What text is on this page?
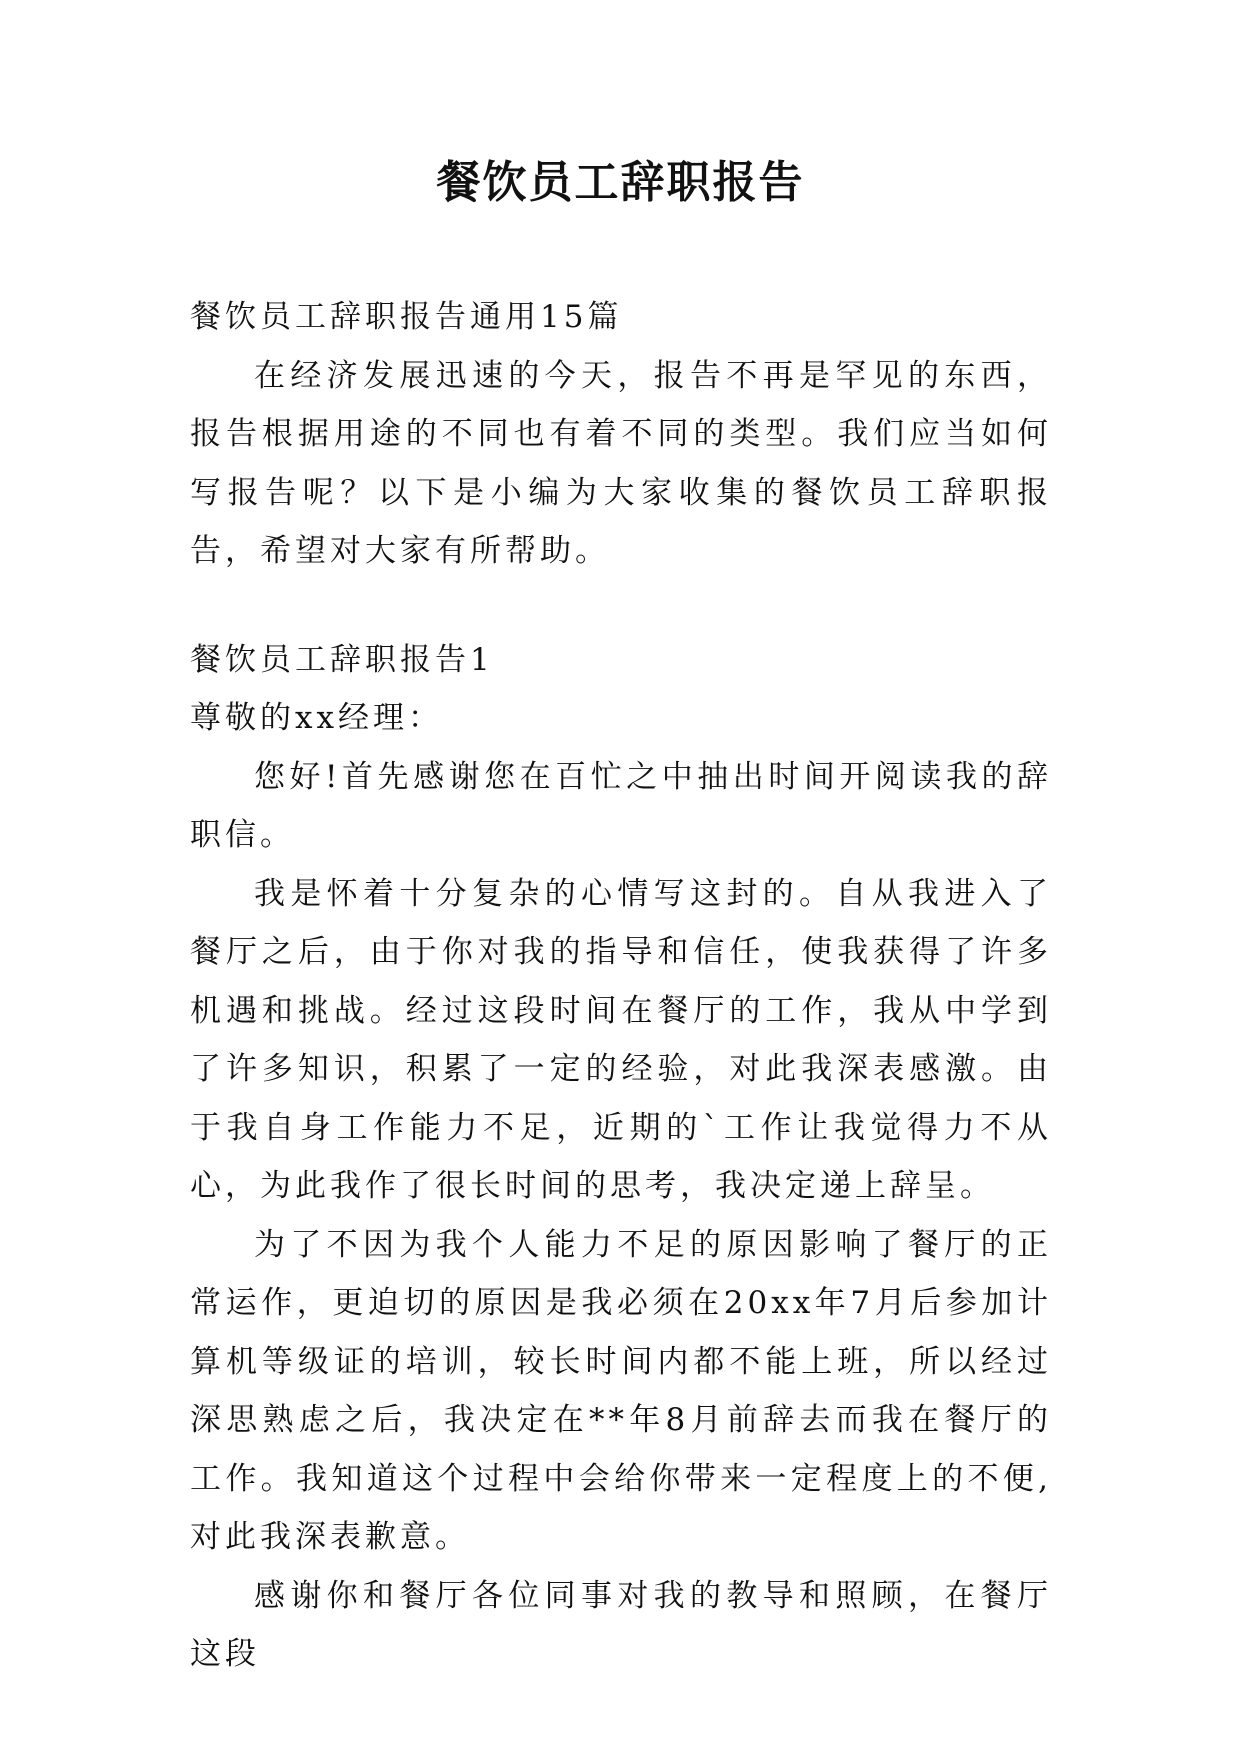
餐饮员工辞职报告

餐饮员工辞职报告通用15篇

在经济发展迅速的今天，报告不再是罕见的东西，报告根据用途的不同也有着不同的类型。我们应当如何写报告呢？以下是小编为大家收集的餐饮员工辞职报告，希望对大家有所帮助。

餐饮员工辞职报告1

尊敬的xx经理：

您好!首先感谢您在百忙之中抽出时间开阅读我的辞职信。

我是怀着十分复杂的心情写这封的。自从我进入了餐厅之后，由于你对我的指导和信任，使我获得了许多机遇和挑战。经过这段时间在餐厅的工作，我从中学到了许多知识，积累了一定的经验，对此我深表感激。由于我自身工作能力不足，近期的`工作让我觉得力不从心，为此我作了很长时间的思考，我决定递上辞呈。

为了不因为我个人能力不足的原因影响了餐厅的正常运作，更迫切的原因是我必须在20xx年7月后参加计算机等级证的培训，较长时间内都不能上班，所以经过深思熟虑之后，我决定在**年8月前辞去而我在餐厅的工作。我知道这个过程中会给你带来一定程度上的不便,对此我深表歉意。

感谢你和餐厅各位同事对我的教导和照顾，在餐厅这段
